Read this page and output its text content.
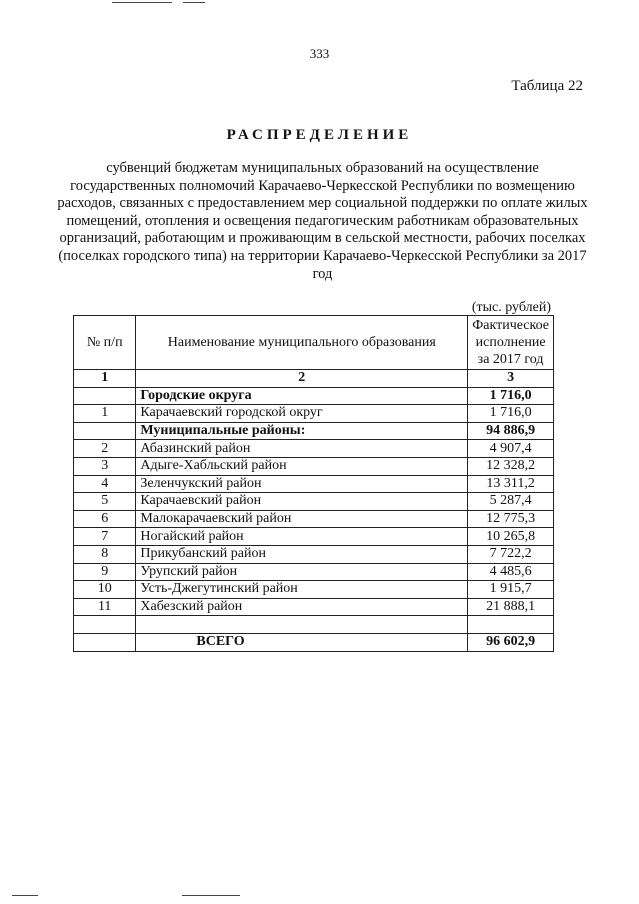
333
Таблица 22
РАСПРЕДЕЛЕНИЕ
субвенций бюджетам муниципальных образований на осуществление государственных полномочий Карачаево-Черкесской Республики по возмещению расходов, связанных с предоставлением мер социальной поддержки по оплате жилых помещений, отопления и освещения педагогическим работникам образовательных организаций, работающим и проживающим в сельской местности, рабочих поселках (поселках городского типа) на территории Карачаево-Черкесской Республики за 2017 год
(тыс. рублей)
№ п/п	Наименование муниципального образования	Фактическое исполнение за 2017 год
1	2	3
	Городские округа	1 716,0
1	Карачаевский городской округ	1 716,0
	Муниципальные районы:	94 886,9
2	Абазинский район	4 907,4
3	Адыге-Хабльский район	12 328,2
4	Зеленчукский район	13 311,2
5	Карачаевский район	5 287,4
6	Малокарачаевский район	12 775,3
7	Ногайский район	10 265,8
8	Прикубанский район	7 722,2
9	Урупский район	4 485,6
10	Усть-Джегутинский район	1 915,7
11	Хабезский район	21 888,1

	ВСЕГО	96 602,9
